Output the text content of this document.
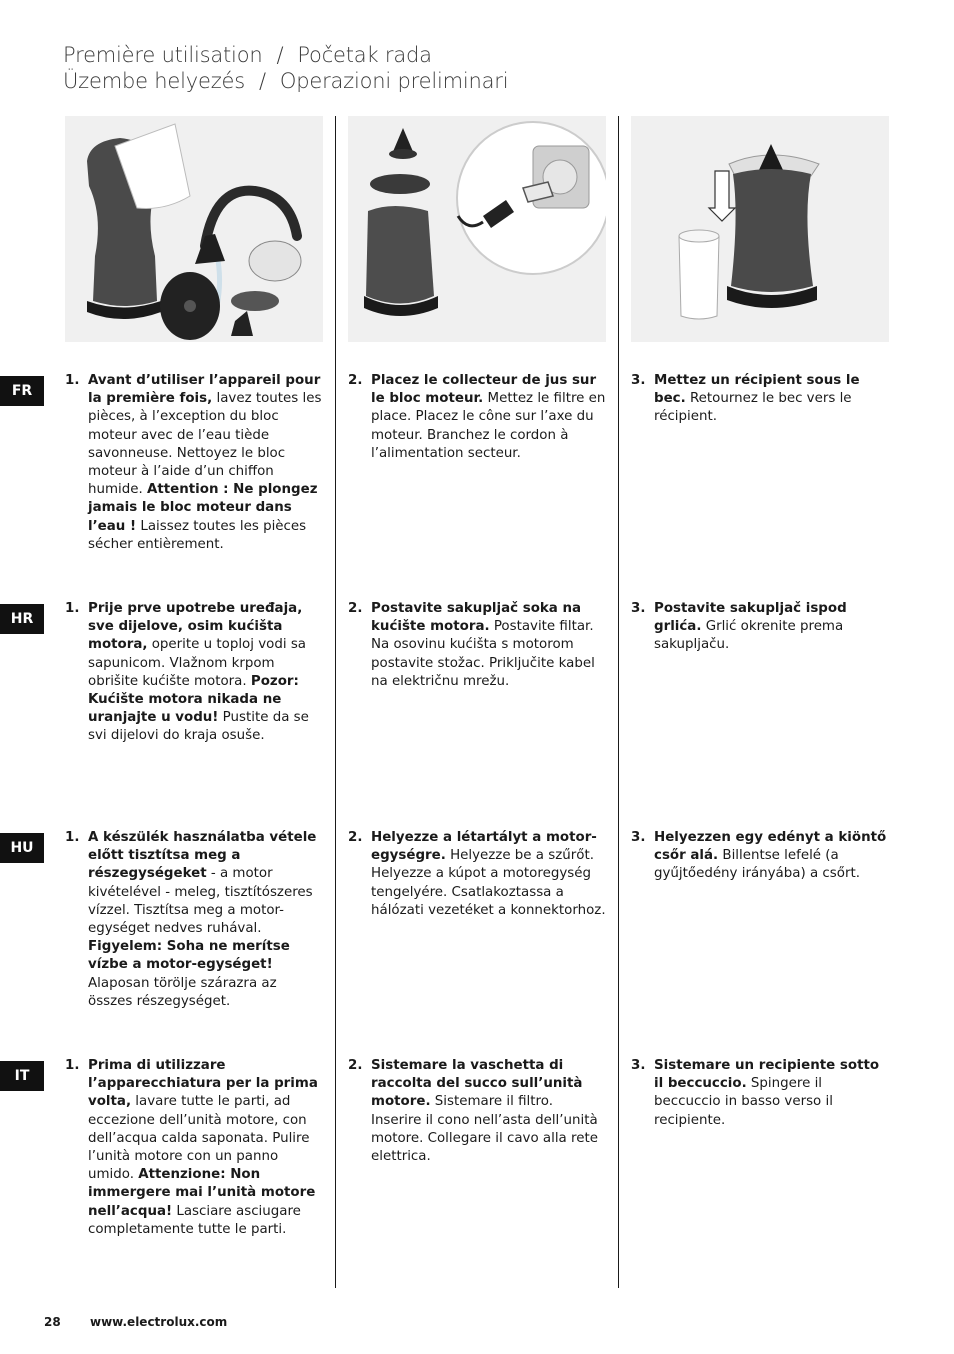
Première utilisation / Početak rada
Üzembe helyezés / Operazioni preliminari
FR
HR
HU
IT
1. Avant d’utiliser l’appareil pour la première fois, lavez toutes les pièces, à l’exception du bloc moteur avec de l’eau tiède savonneuse. Nettoyez le bloc moteur à l’aide d’un chiffon humide. Attention : Ne plongez jamais le bloc moteur dans l’eau ! Laissez toutes les pièces sécher entièrement.
2. Placez le collecteur de jus sur le bloc moteur. Mettez le filtre en place. Placez le cône sur l’axe du moteur. Branchez le cordon à l’alimentation secteur.
3. Mettez un récipient sous le bec. Retournez le bec vers le récipient.
1. Prije prve upotrebe uređaja, sve dijelove, osim kućišta motora, operite u toploj vodi sa sapunicom. Vlažnom krpom obrišite kućište motora. Pozor: Kućište motora nikada ne uranjajte u vodu! Pustite da se svi dijelovi do kraja osuše.
2. Postavite sakupljač soka na kućište motora. Postavite filtar. Na osovinu kućišta s motorom postavite stožac. Priključite kabel na električnu mrežu.
3. Postavite sakupljač ispod grlića. Grlić okrenite prema sakupljaču.
1. A készülék használatba vétele előtt tisztítsa meg a részegységeket - a motor kivételével - meleg, tisztítószeres vízzel. Tisztítsa meg a motor-egységet nedves ruhával. Figyelem: Soha ne merítse vízbe a motor-egységet! Alaposan törölje szárazra az összes részegységet.
2. Helyezze a létartályt a motor-egységre. Helyezze be a szűrőt. Helyezze a kúpot a motoregység tengelyére. Csatlakoztassa a hálózati vezetéket a konnektorhoz.
3. Helyezzen egy edényt a kiöntő csőr alá. Billentse lefelé (a gyűjtőedény irányába) a csőrt.
1. Prima di utilizzare l’apparecchiatura per la prima volta, lavare tutte le parti, ad eccezione dell’unità motore, con dell’acqua calda saponata. Pulire l’unità motore con un panno umido. Attenzione: Non immergere mai l’unità motore nell’acqua! Lasciare asciugare completamente tutte le parti.
2. Sistemare la vaschetta di raccolta del succo sull’unità motore. Sistemare il filtro. Inserire il cono nell’asta dell’unità motore. Collegare il cavo alla rete elettrica.
3. Sistemare un recipiente sotto il beccuccio. Spingere il beccuccio in basso verso il recipiente.
28 www.electrolux.com
